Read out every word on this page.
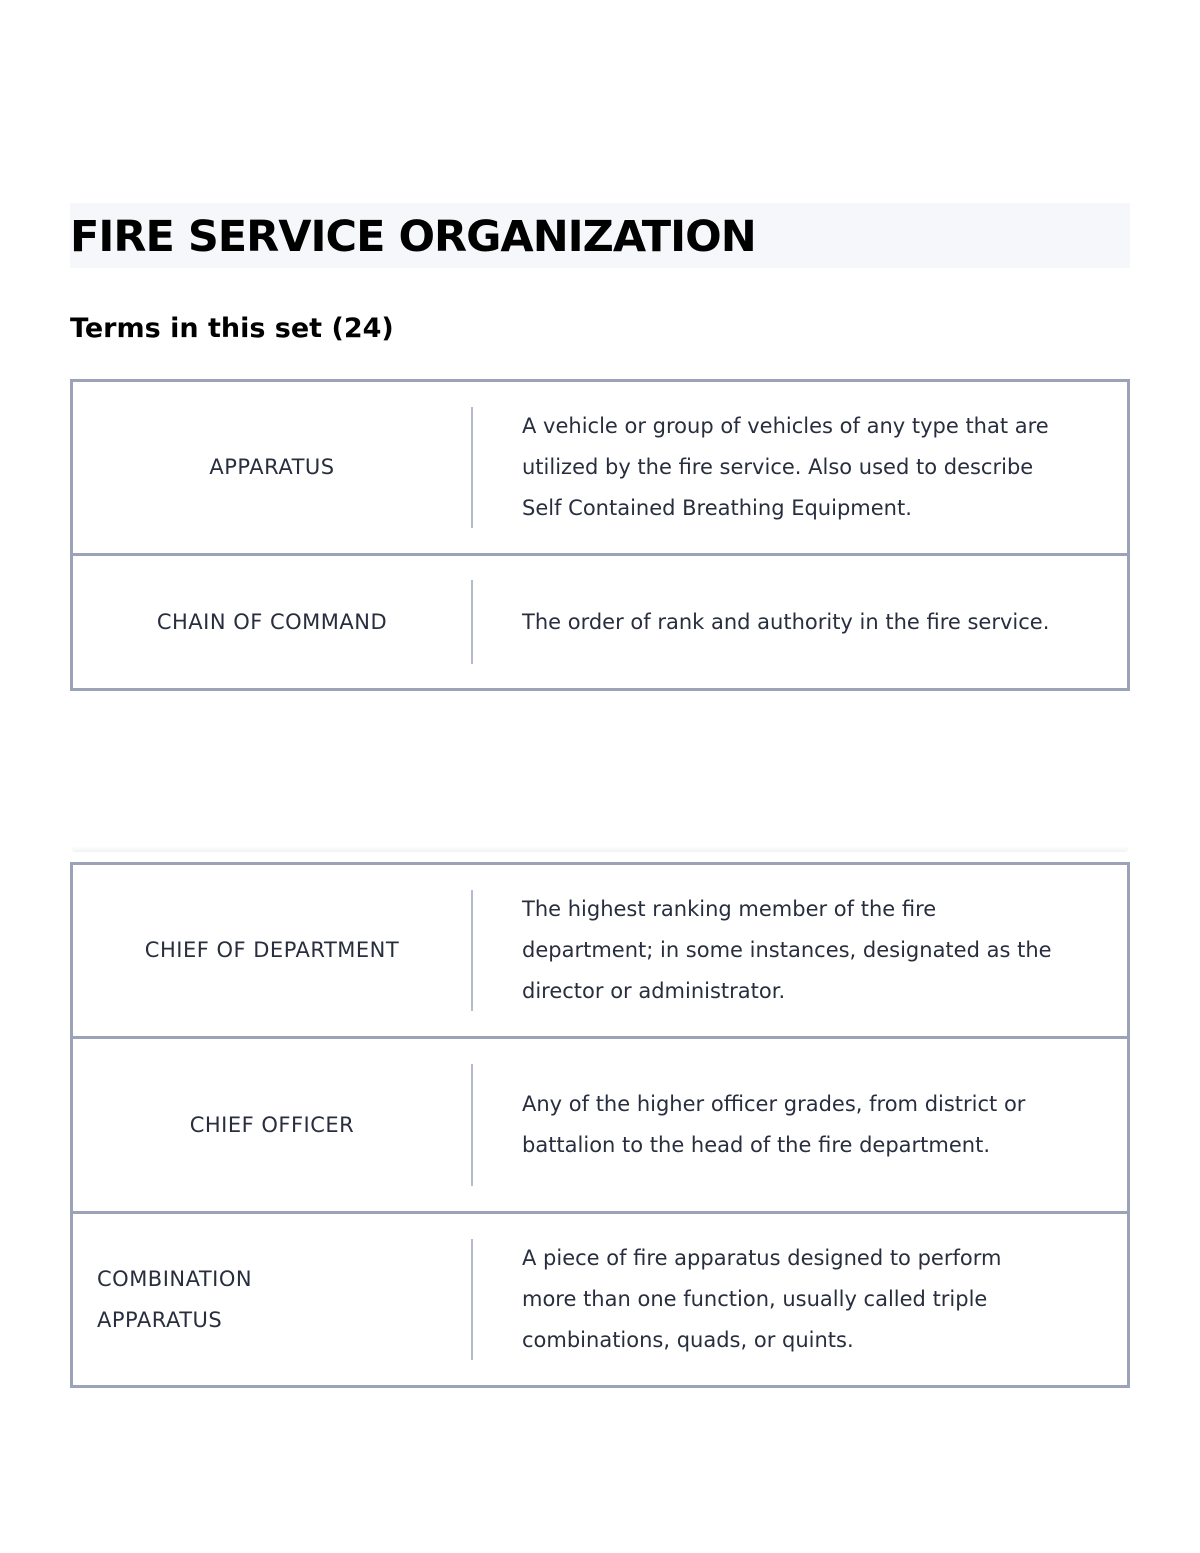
FIRE SERVICE ORGANIZATION
Terms in this set (24)
APPARATUS
A vehicle or group of vehicles of any type that are utilized by the fire service. Also used to describe Self Contained Breathing Equipment.
CHAIN OF COMMAND	The order of rank and authority in the fire service.
CHIEF OF DEPARTMENT
The highest ranking member of the fire department; in some instances, designated as the director or administrator.
CHIEF OFFICER
Any of the higher officer grades, from district or battalion to the head of the fire department.
COMBINATION APPARATUS
A piece of fire apparatus designed to perform more than one function, usually called triple combinations, quads, or quints.
